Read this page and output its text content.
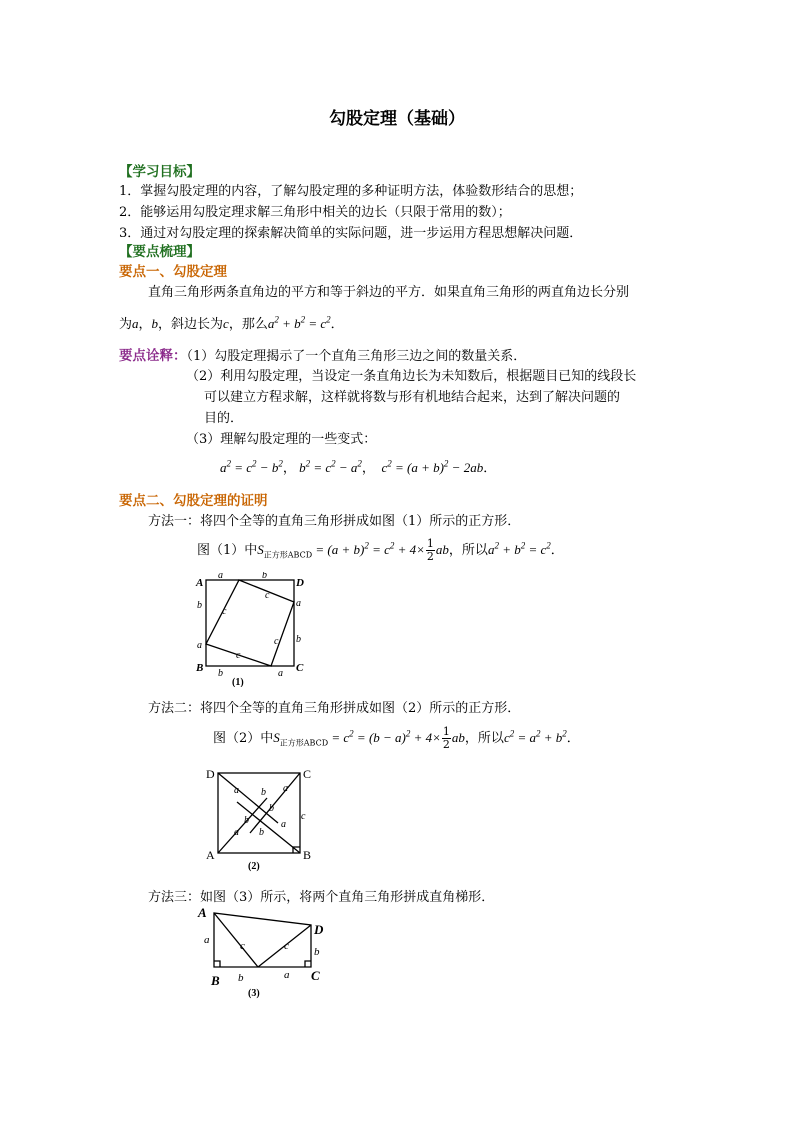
勾股定理（基础）
【学习目标】
1．掌握勾股定理的内容，了解勾股定理的多种证明方法，体验数形结合的思想；
2．能够运用勾股定理求解三角形中相关的边长（只限于常用的数）；
3．通过对勾股定理的探索解决简单的实际问题，进一步运用方程思想解决问题．
【要点梳理】
要点一、勾股定理
直角三角形两条直角边的平方和等于斜边的平方．如果直角三角形的两直角边长分别
为a，b，斜边长为c，那么$a^2 + b^2 = c^2$．
要点诠释：（1）勾股定理揭示了一个直角三角形三边之间的数量关系．
（2）利用勾股定理，当设定一条直角边长为未知数后，根据题目已知的线段长
可以建立方程求解，这样就将数与形有机地结合起来，达到了解决问题的
目的．
（3）理解勾股定理的一些变式：
$a^2 = c^2 - b^2$， $b^2 = c^2 - a^2$，  $c^2 = (a + b)^2 - 2ab$．
要点二、勾股定理的证明
方法一：将四个全等的直角三角形拼成如图（1）所示的正方形．
图（1）中$S_{正方形ABCD} = (a + b)^2 = c^2 + 4\times \frac{1}{2}$ ab，所以$a^2 + b^2 = c^2$．
A	D
B	C
a	b
b
a
a
b
b	a
c
c
c
c
(1)
方法二：将四个全等的直角三角形拼成如图（2）所示的正方形．
图（2）中$S_{正方形ABCD} = c^2 = (b - a)^2 + 4\times \frac{1}{2}$ ab，所以$c^2 = a^2 + b^2$．
D	C
A	B
a	a
b
b
b
b
a
a
c
(2)
方法三：如图（3）所示，将两个直角三角形拼成直角梯形．
A
D
B	C
a	c	c b
b	a
(3)
